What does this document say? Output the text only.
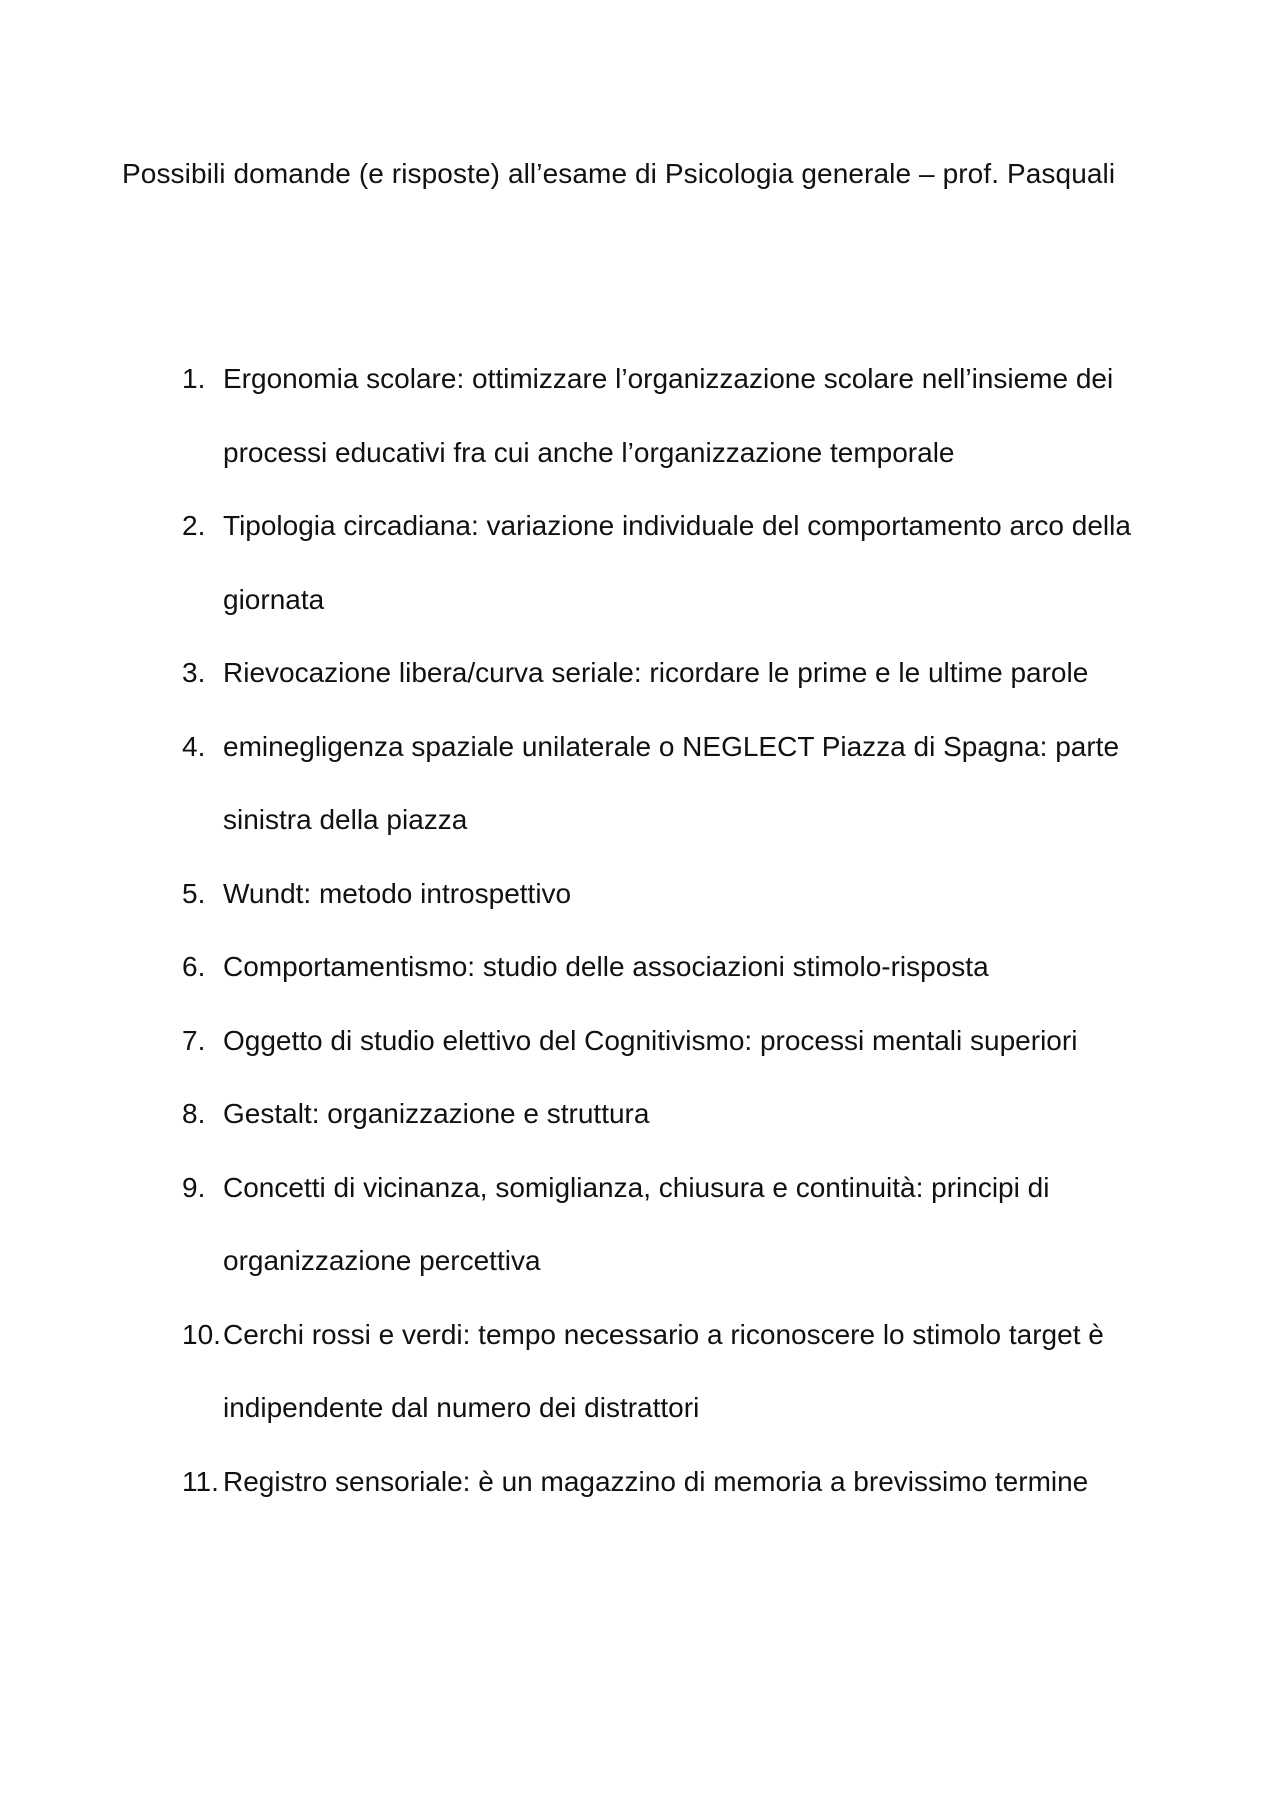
Possibili domande (e risposte) all’esame di Psicologia generale – prof. Pasquali
1. Ergonomia scolare: ottimizzare l’organizzazione scolare nell’insieme dei processi educativi fra cui anche l’organizzazione temporale
2. Tipologia circadiana: variazione individuale del comportamento arco della giornata
3. Rievocazione libera/curva seriale: ricordare le prime e le ultime parole
4. eminegligenza spaziale unilaterale o NEGLECT Piazza di Spagna: parte sinistra della piazza
5. Wundt: metodo introspettivo
6. Comportamentismo: studio delle associazioni stimolo-risposta
7. Oggetto di studio elettivo del Cognitivismo: processi mentali superiori
8. Gestalt: organizzazione e struttura
9. Concetti di vicinanza, somiglianza, chiusura e continuità: principi di organizzazione percettiva
10. Cerchi rossi e verdi: tempo necessario a riconoscere lo stimolo target è indipendente dal numero dei distrattori
11. Registro sensoriale: è un magazzino di memoria a brevissimo termine
